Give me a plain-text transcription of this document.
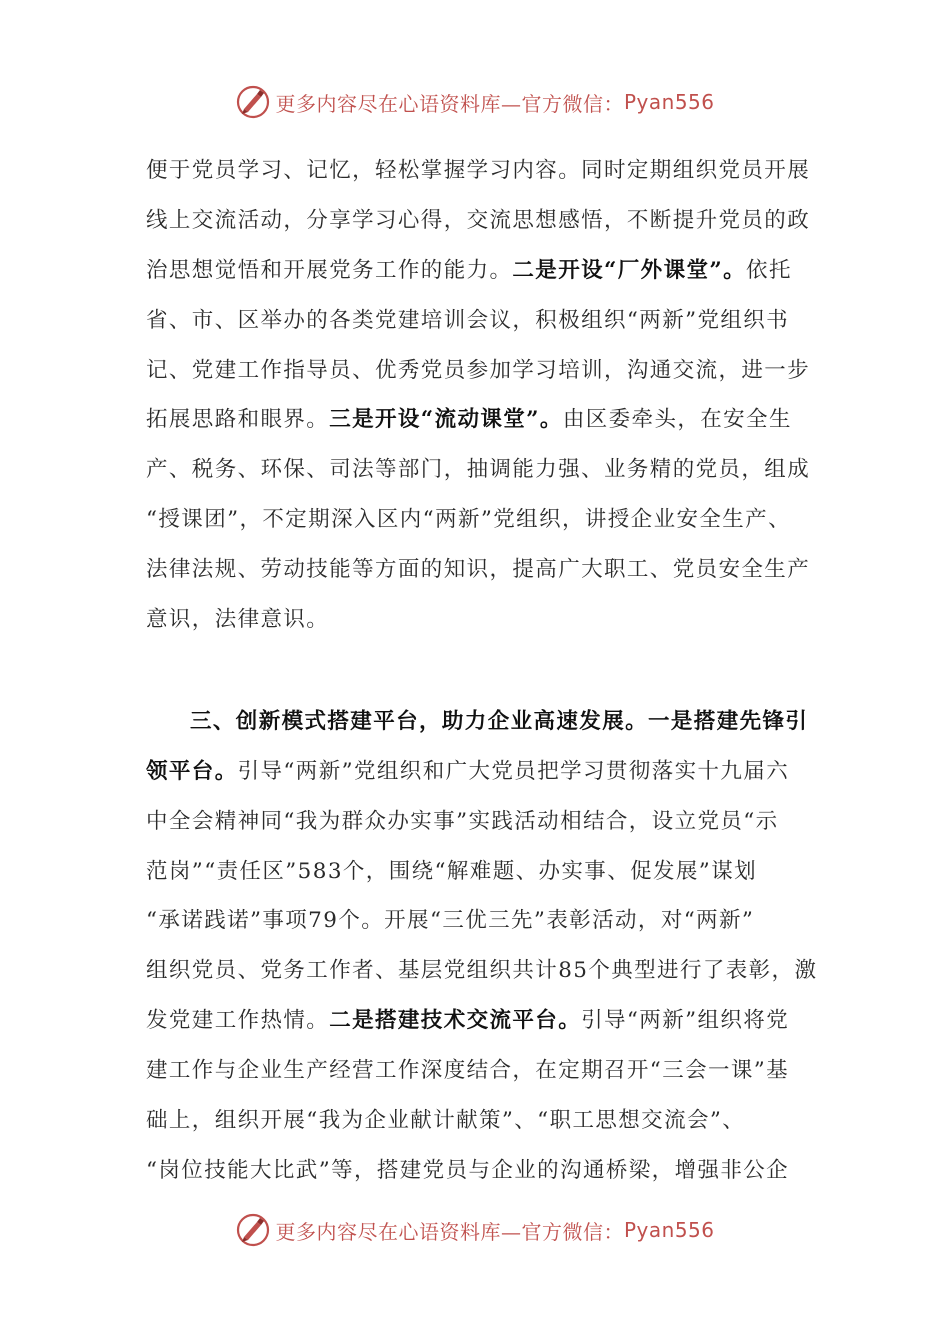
更多内容尽在心语资料库—官方微信： Pyan556
便于党员学习、记忆，轻松掌握学习内容。同时定期组织党员开展
线上交流活动，分享学习心得，交流思想感悟，不断提升党员的政
治思想觉悟和开展党务工作的能力。二是开设“厂外课堂”。依托
省、市、区举办的各类党建培训会议，积极组织“两新”党组织书
记、党建工作指导员、优秀党员参加学习培训，沟通交流，进一步
拓展思路和眼界。三是开设“流动课堂”。由区委牵头，在安全生
产、税务、环保、司法等部门，抽调能力强、业务精的党员，组成
“授课团”，不定期深入区内“两新”党组织，讲授企业安全生产、
法律法规、劳动技能等方面的知识，提高广大职工、党员安全生产
意识，法律意识。
三、创新模式搭建平台，助力企业高速发展。一是搭建先锋引
领平台。引导“两新”党组织和广大党员把学习贯彻落实十九届六
中全会精神同“我为群众办实事”实践活动相结合，设立党员“示
范岗”“责任区”583个，围绕“解难题、办实事、促发展”谋划
“承诺践诺”事项79个。开展“三优三先”表彰活动，对“两新”
组织党员、党务工作者、基层党组织共计85个典型进行了表彰，激
发党建工作热情。二是搭建技术交流平台。引导“两新”组织将党
建工作与企业生产经营工作深度结合，在定期召开“三会一课”基
础上，组织开展“我为企业献计献策”、“职工思想交流会”、
“岗位技能大比武”等，搭建党员与企业的沟通桥梁，增强非公企
更多内容尽在心语资料库—官方微信： Pyan556
